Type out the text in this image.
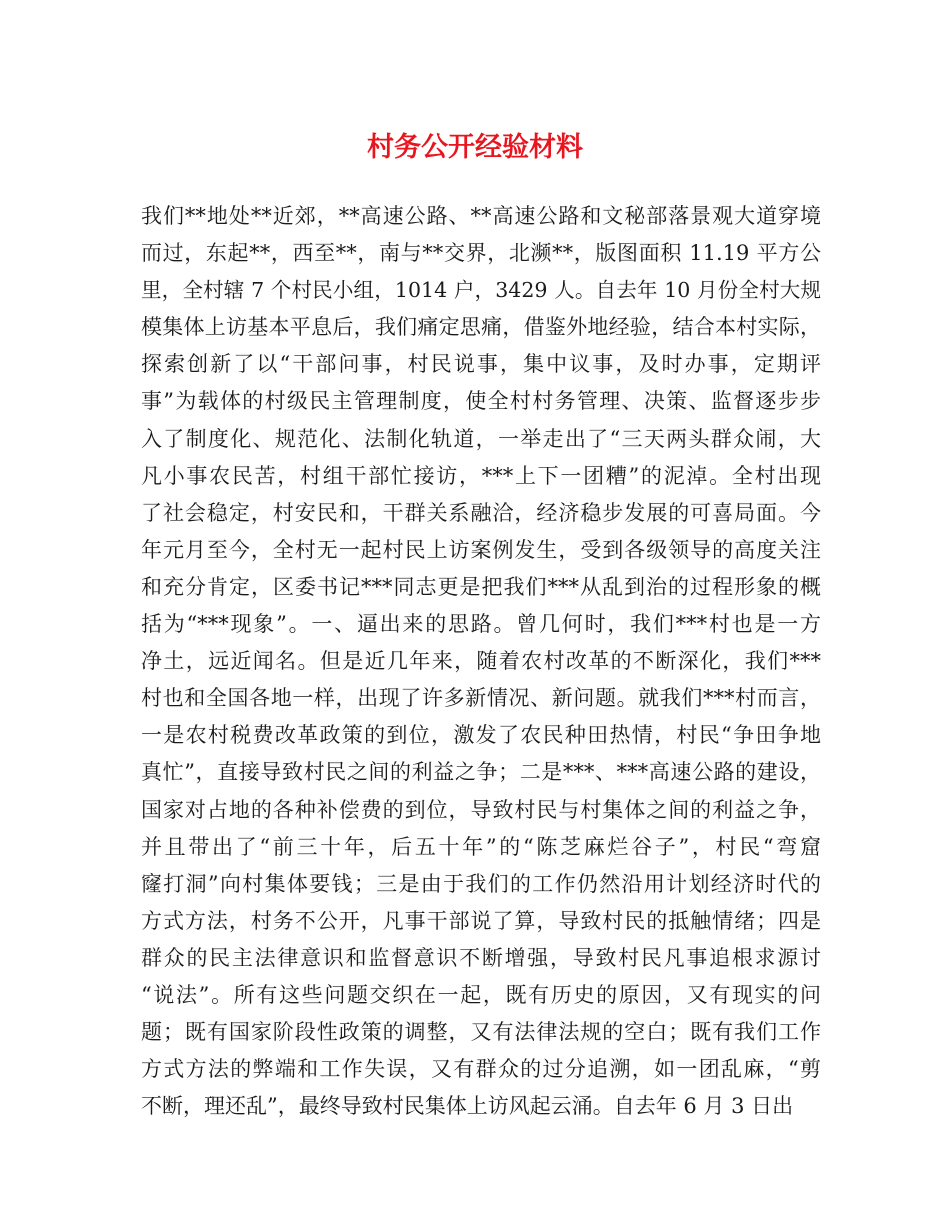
村务公开经验材料
我们**地处**近郊，**高速公路、**高速公路和文秘部落景观大道穿境
而过，东起**，西至**，南与**交界，北濒**，版图面积 11.19 平方公
里，全村辖 7 个村民小组，1014 户，3429 人。自去年 10 月份全村大规
模集体上访基本平息后，我们痛定思痛，借鉴外地经验，结合本村实际，
探索创新了以“干部问事，村民说事，集中议事，及时办事，定期评
事”为载体的村级民主管理制度，使全村村务管理、决策、监督逐步步
入了制度化、规范化、法制化轨道，一举走出了“三天两头群众闹，大
凡小事农民苦，村组干部忙接访，***上下一团糟”的泥淖。全村出现
了社会稳定，村安民和，干群关系融洽，经济稳步发展的可喜局面。今
年元月至今，全村无一起村民上访案例发生，受到各级领导的高度关注
和充分肯定，区委书记***同志更是把我们***从乱到治的过程形象的概
括为“***现象”。一、逼出来的思路。曾几何时，我们***村也是一方
净土，远近闻名。但是近几年来，随着农村改革的不断深化，我们***
村也和全国各地一样，出现了许多新情况、新问题。就我们***村而言，
一是农村税费改革政策的到位，激发了农民种田热情，村民“争田争地
真忙”，直接导致村民之间的利益之争；二是***、***高速公路的建设，
国家对占地的各种补偿费的到位，导致村民与村集体之间的利益之争，
并且带出了“前三十年，后五十年”的“陈芝麻烂谷子”，村民“弯窟
窿打洞”向村集体要钱；三是由于我们的工作仍然沿用计划经济时代的
方式方法，村务不公开，凡事干部说了算，导致村民的抵触情绪；四是
群众的民主法律意识和监督意识不断增强，导致村民凡事追根求源讨
“说法”。所有这些问题交织在一起，既有历史的原因，又有现实的问
题；既有国家阶段性政策的调整，又有法律法规的空白；既有我们工作
方式方法的弊端和工作失误，又有群众的过分追溯，如一团乱麻，“剪
不断，理还乱”，最终导致村民集体上访风起云涌。自去年 6 月 3 日出
